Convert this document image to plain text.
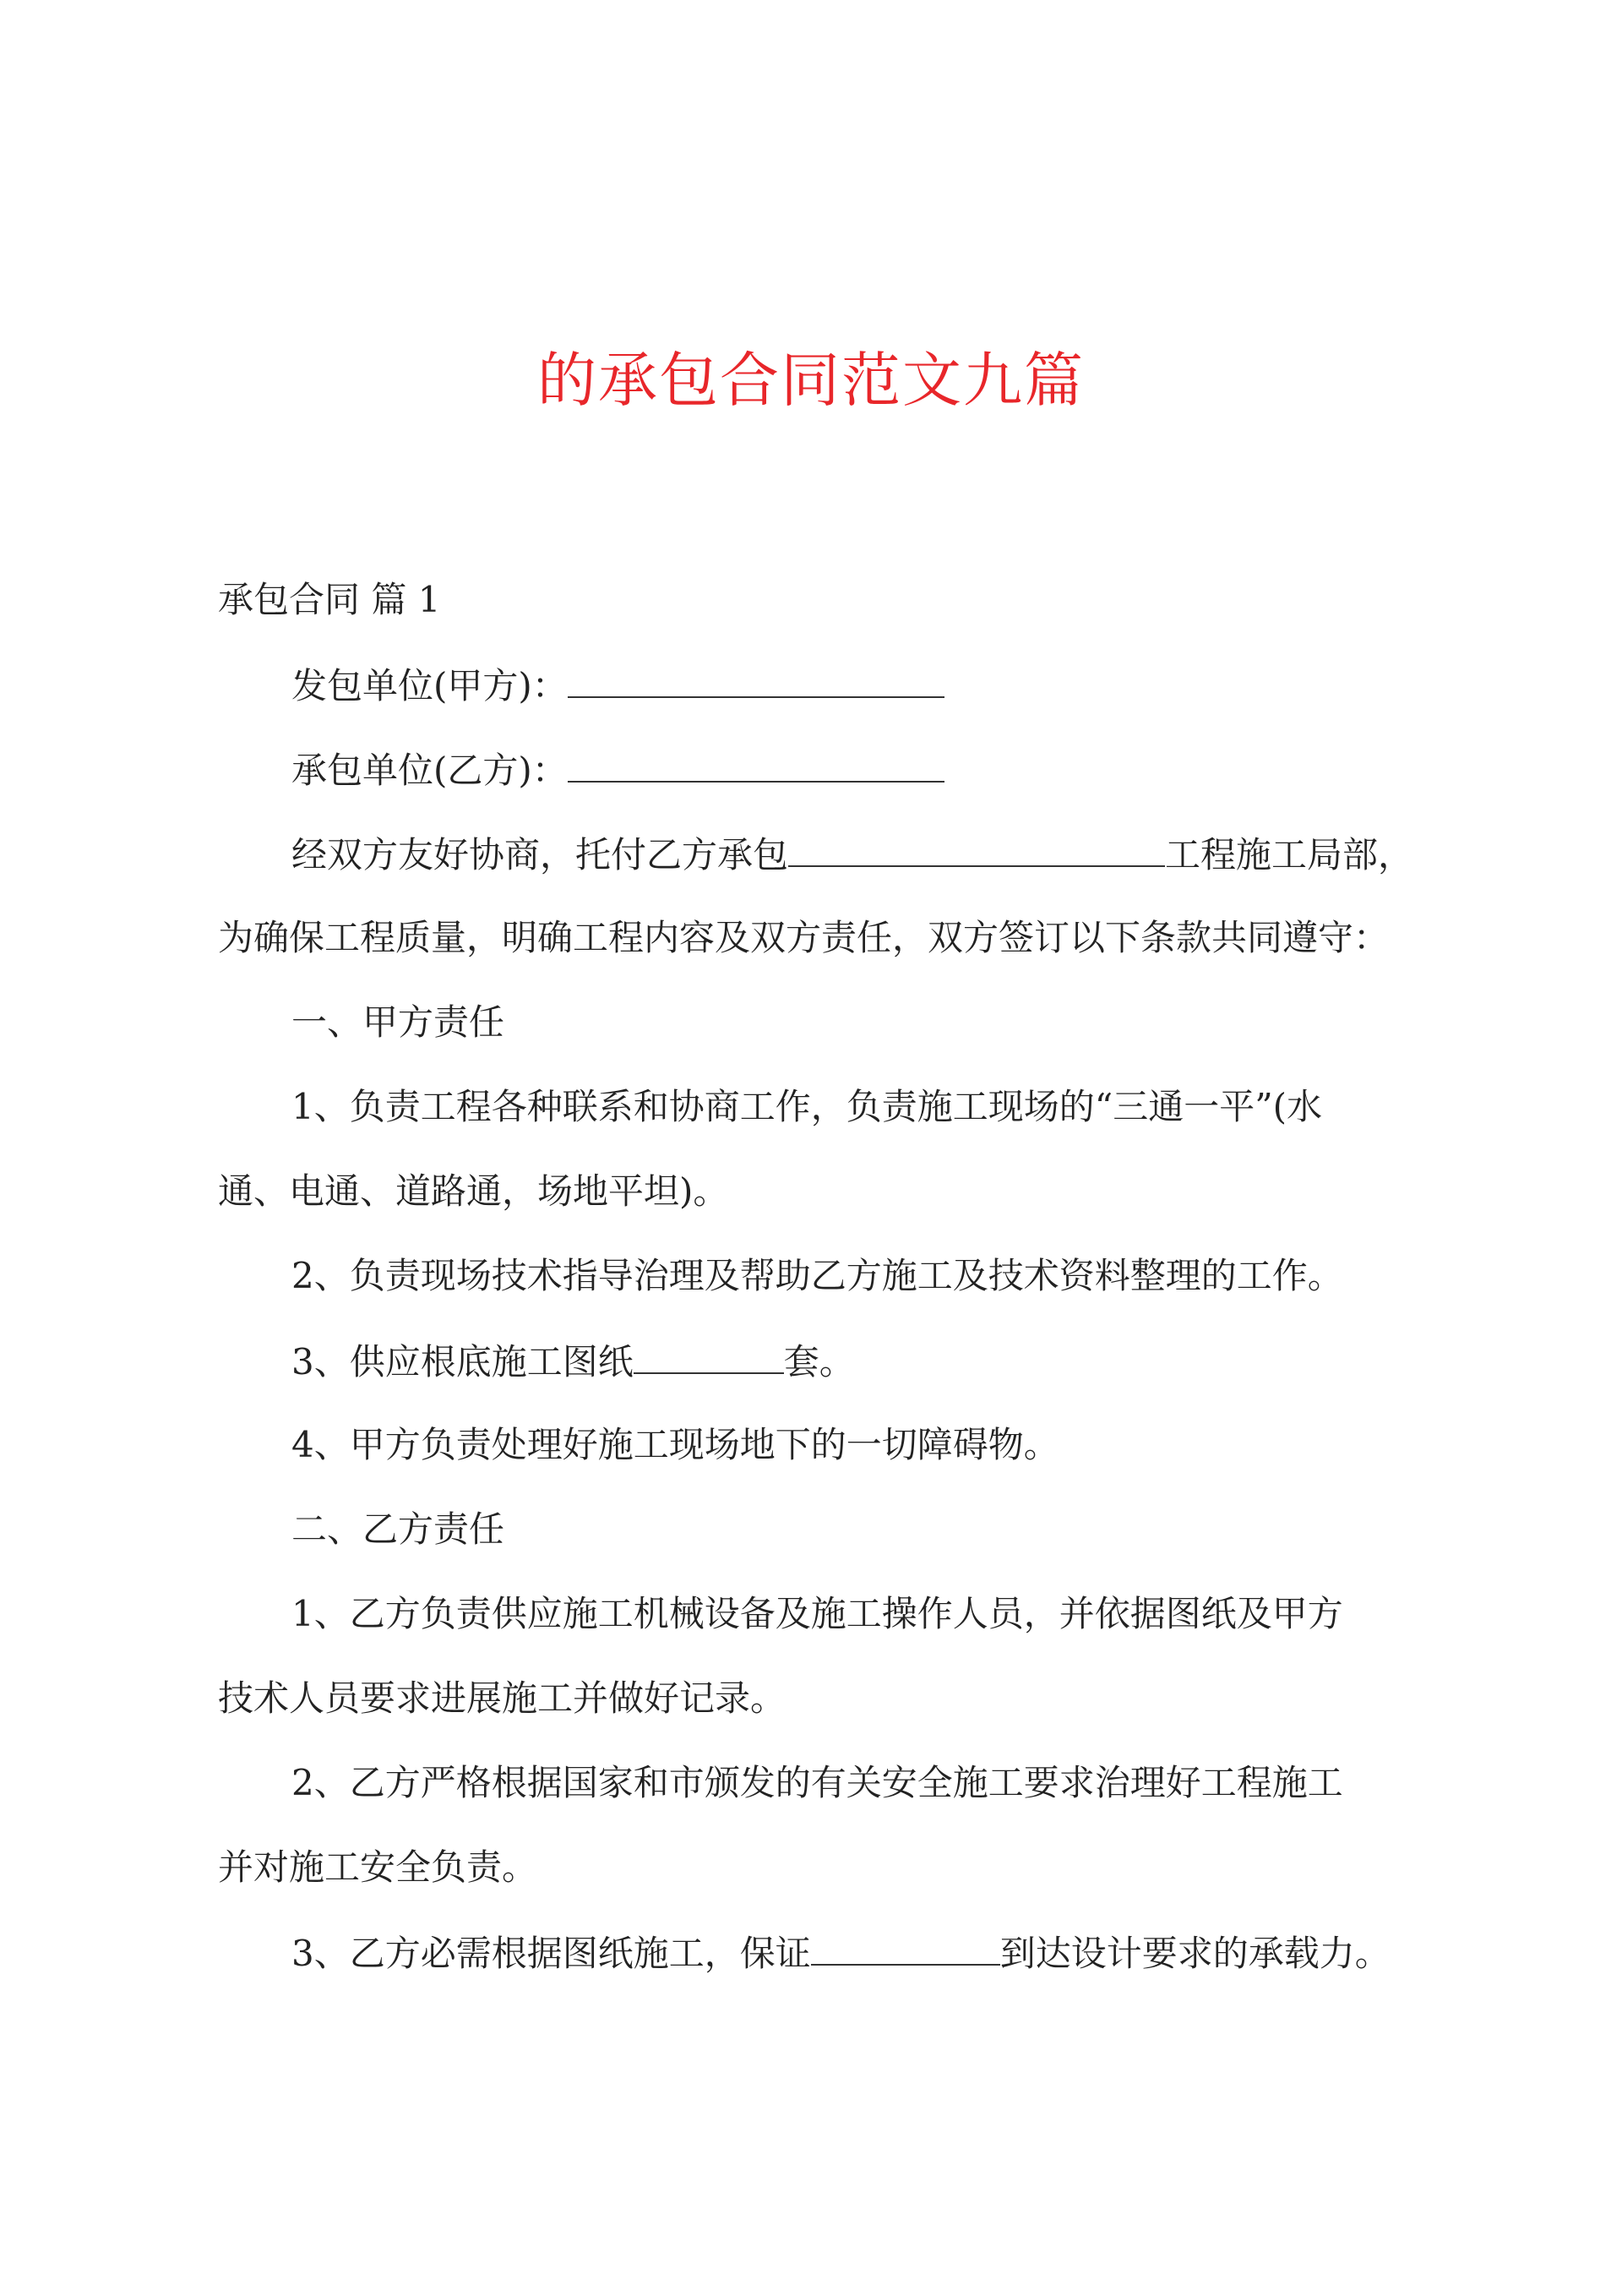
的承包合同范文九篇

承包合同 篇 1

发包单位(甲方)：

承包单位(乙方)：

经双方友好协商，托付乙方承包	工程施工局部，

为确保工程质量，明确工程内容及双方责任，双方签订以下条款共同遵守：

一、甲方责任

1、负责工程各种联系和协商工作，负责施工现场的“三通一平”(水

通、电通、道路通，场地平坦)。

2、负责现场技术指导治理及帮助乙方施工及技术资料整理的工作。

3、供应根底施工图纸	套。

4、甲方负责处理好施工现场地下的一切障碍物。

二、乙方责任

1、乙方负责供应施工机械设备及施工操作人员，并依据图纸及甲方

技术人员要求进展施工并做好记录。

2、乙方严格根据国家和市颁发的有关安全施工要求治理好工程施工

并对施工安全负责。

3、乙方必需根据图纸施工，保证	到达设计要求的承载力。
